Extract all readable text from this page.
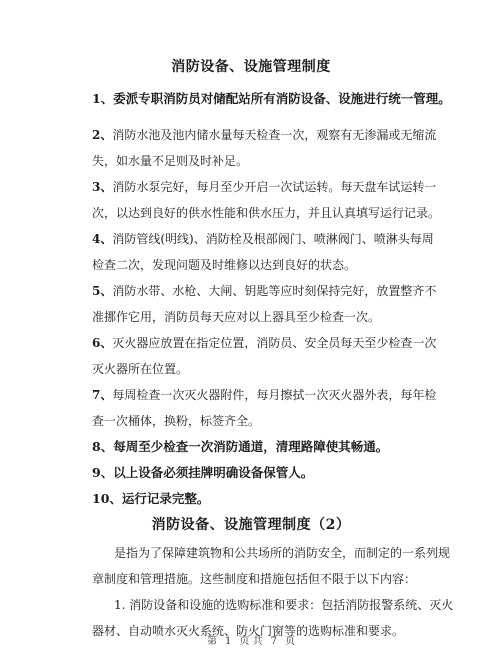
消防设备、设施管理制度
1、委派专职消防员对储配站所有消防设备、设施进行统一管理。
2、消防水池及池内储水量每天检查一次，观察有无渗漏或无缩流
失，如水量不足则及时补足。
3、消防水泵完好，每月至少开启一次试运转。每天盘车试运转一
次，以达到良好的供水性能和供水压力，并且认真填写运行记录。
4、消防管线(明线)、消防栓及根部阀门、喷淋阀门、喷淋头每周
检查二次，发现问题及时维修以达到良好的状态。
5、消防水带、水枪、大闸、钥匙等应时刻保持完好，放置整齐不
准挪作它用，消防员每天应对以上器具至少检查一次。
6、灭火器应放置在指定位置，消防员、安全员每天至少检查一次
灭火器所在位置。
7、每周检查一次灭火器附件，每月擦拭一次灭火器外表，每年检
查一次桶体，换粉，标签齐全。
8、每周至少检查一次消防通道，清理路障使其畅通。
9、以上设备必须挂牌明确设备保管人。
10、运行记录完整。
消防设备、设施管理制度（2）
是指为了保障建筑物和公共场所的消防安全，而制定的一系列规
章制度和管理措施。这些制度和措施包括但不限于以下内容：
1. 消防设备和设施的选购标准和要求：包括消防报警系统、灭火
器材、自动喷水灭火系统、防火门窗等的选购标准和要求。
第 1 页 共 7 页
